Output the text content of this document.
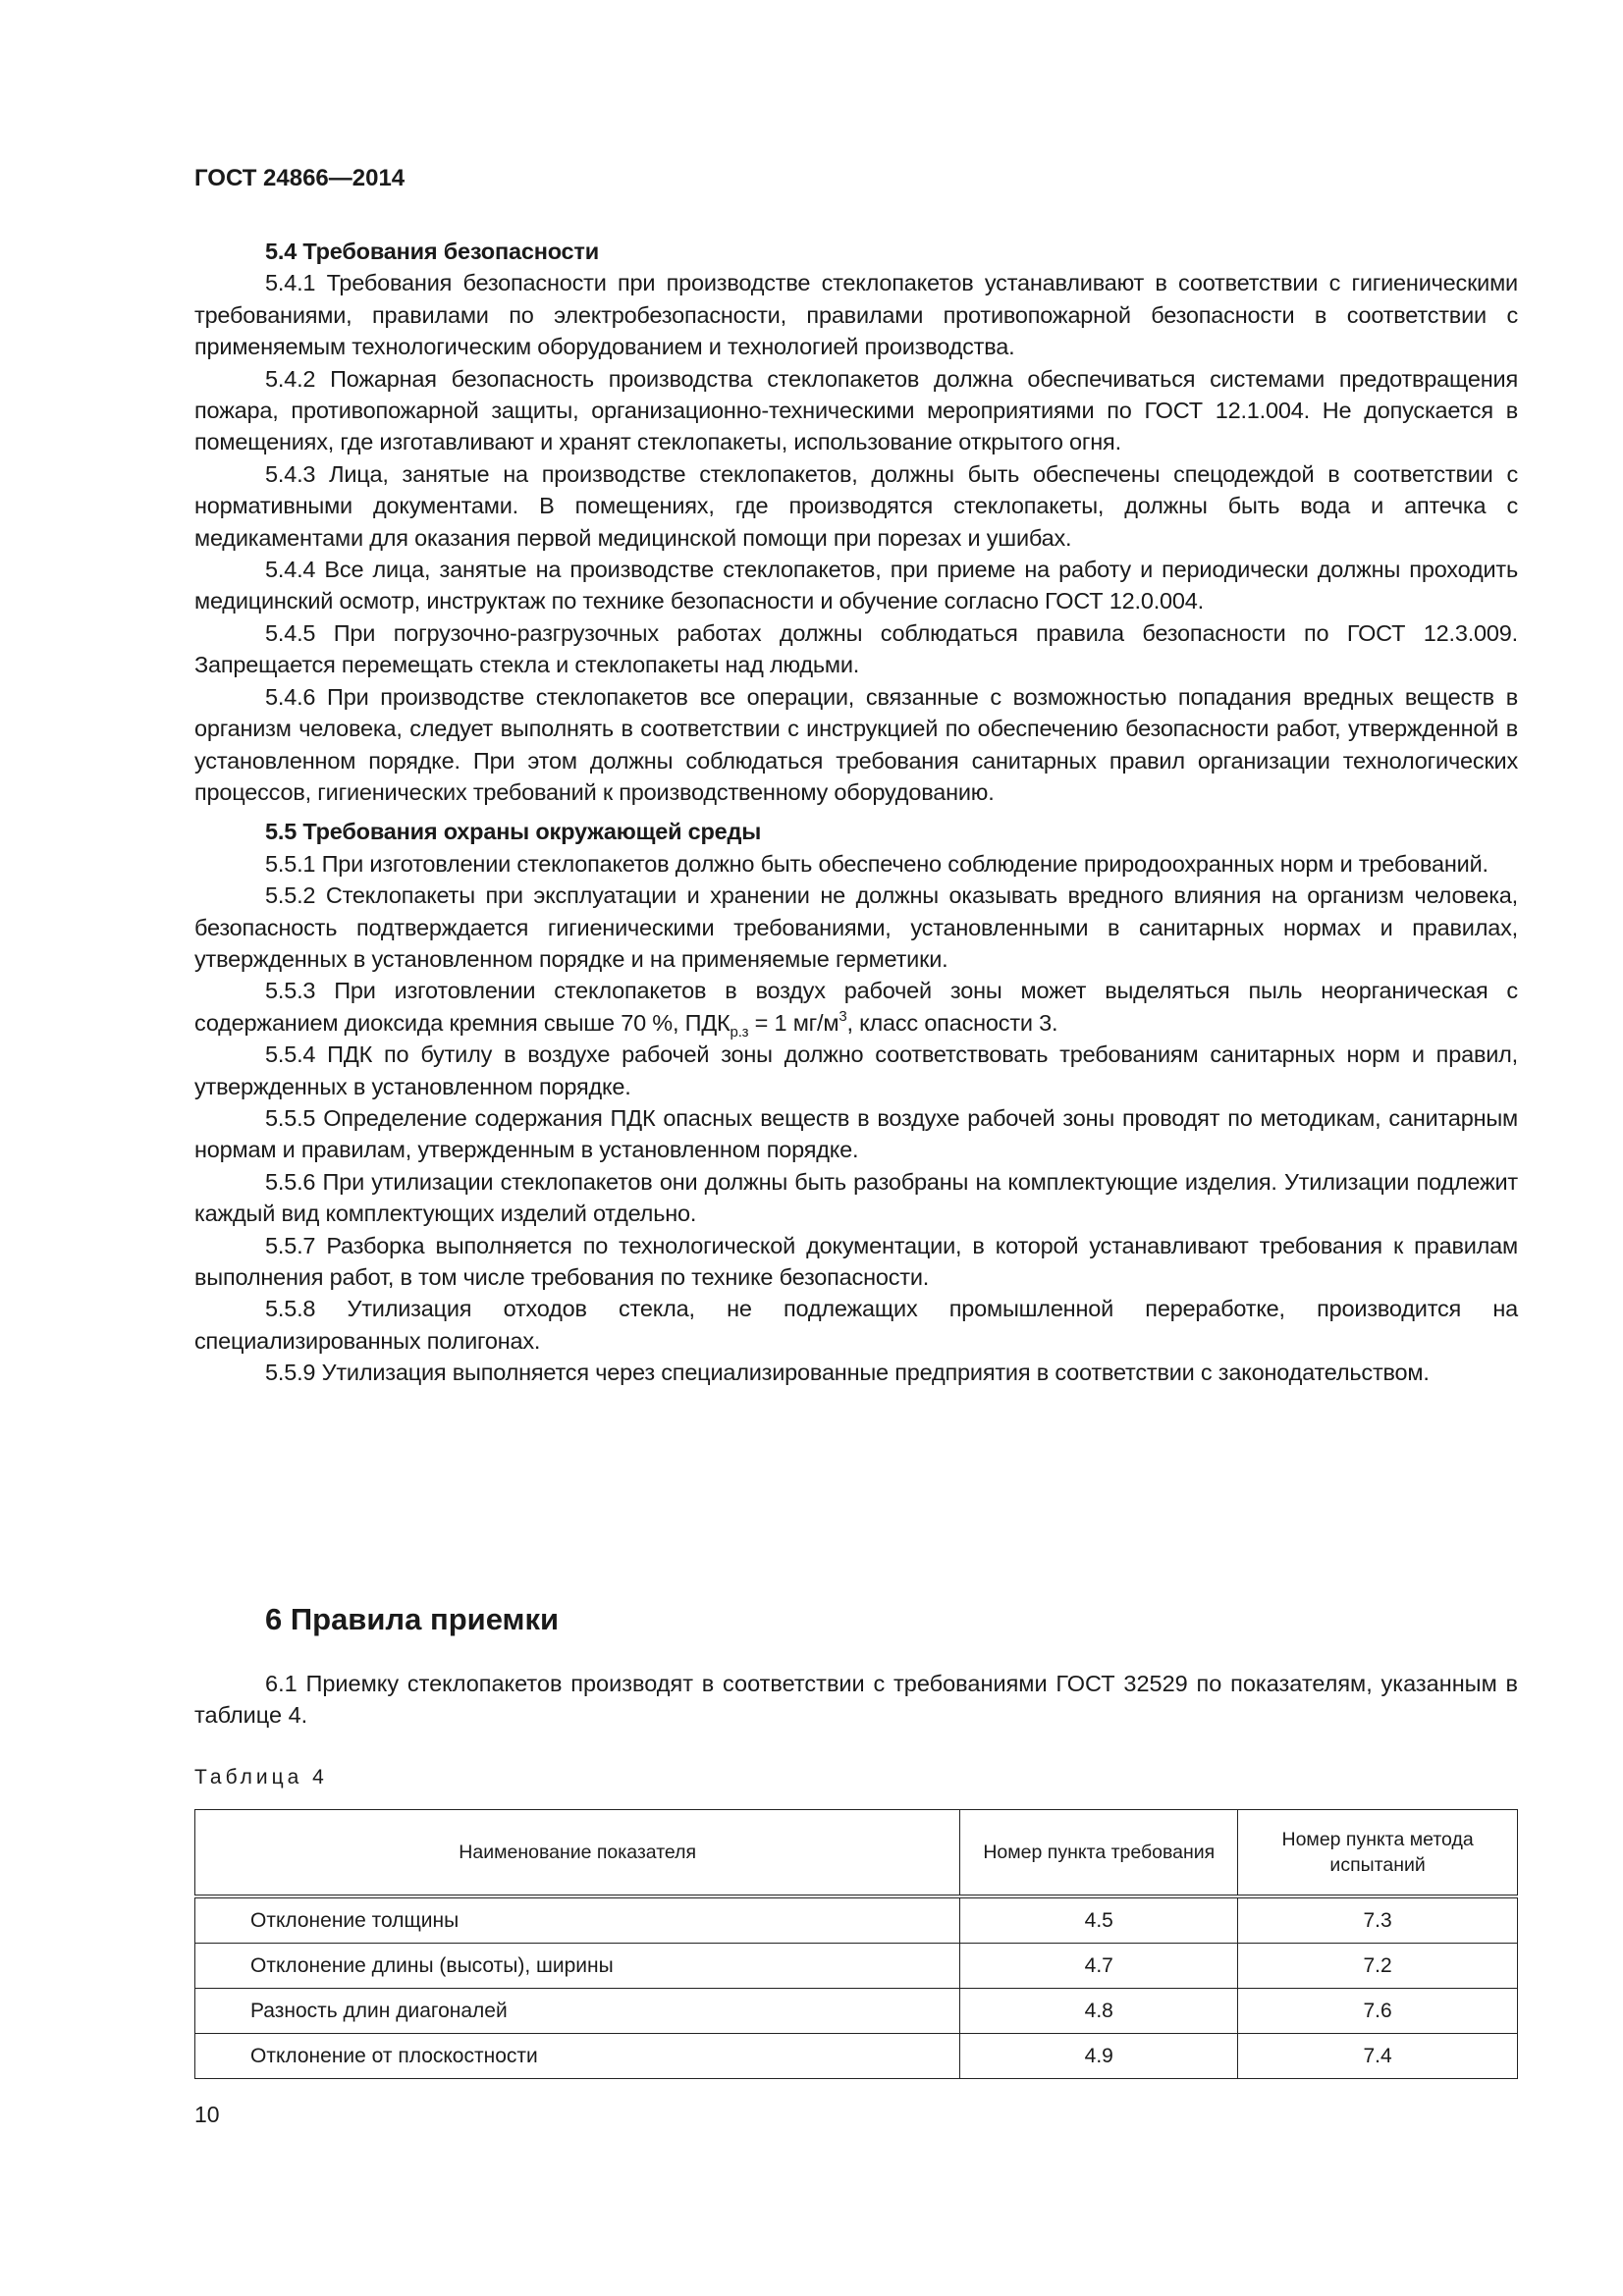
ГОСТ 24866—2014
5.4 Требования безопасности

5.4.1 Требования безопасности при производстве стеклопакетов устанавливают в соответствии с гигиеническими требованиями, правилами по электробезопасности, правилами противопожарной безопасности в соответствии с применяемым технологическим оборудованием и технологией производства.

5.4.2 Пожарная безопасность производства стеклопакетов должна обеспечиваться системами предотвращения пожара, противопожарной защиты, организационно-техническими мероприятиями по ГОСТ 12.1.004. Не допускается в помещениях, где изготавливают и хранят стеклопакеты, использование открытого огня.

5.4.3 Лица, занятые на производстве стеклопакетов, должны быть обеспечены спецодеждой в соответствии с нормативными документами. В помещениях, где производятся стеклопакеты, должны быть вода и аптечка с медикаментами для оказания первой медицинской помощи при порезах и ушибах.

5.4.4 Все лица, занятые на производстве стеклопакетов, при приеме на работу и периодически должны проходить медицинский осмотр, инструктаж по технике безопасности и обучение согласно ГОСТ 12.0.004.

5.4.5 При погрузочно-разгрузочных работах должны соблюдаться правила безопасности по ГОСТ 12.3.009. Запрещается перемещать стекла и стеклопакеты над людьми.

5.4.6 При производстве стеклопакетов все операции, связанные с возможностью попадания вредных веществ в организм человека, следует выполнять в соответствии с инструкцией по обеспечению безопасности работ, утвержденной в установленном порядке. При этом должны соблюдаться требования санитарных правил организации технологических процессов, гигиенических требований к производственному оборудованию.

5.5 Требования охраны окружающей среды

5.5.1 При изготовлении стеклопакетов должно быть обеспечено соблюдение природоохранных норм и требований.

5.5.2 Стеклопакеты при эксплуатации и хранении не должны оказывать вредного влияния на организм человека, безопасность подтверждается гигиеническими требованиями, установленными в санитарных нормах и правилах, утвержденных в установленном порядке и на применяемые герметики.

5.5.3 При изготовлении стеклопакетов в воздух рабочей зоны может выделяться пыль неорганическая с содержанием диоксида кремния свыше 70 %, $ПДК_{р.з} = 1$ $мг/м^3$, класс опасности 3.

5.5.4 ПДК по бутилу в воздухе рабочей зоны должно соответствовать требованиям санитарных норм и правил, утвержденных в установленном порядке.

5.5.5 Определение содержания ПДК опасных веществ в воздухе рабочей зоны проводят по методикам, санитарным нормам и правилам, утвержденным в установленном порядке.

5.5.6 При утилизации стеклопакетов они должны быть разобраны на комплектующие изделия. Утилизации подлежит каждый вид комплектующих изделий отдельно.

5.5.7 Разборка выполняется по технологической документации, в которой устанавливают требования к правилам выполнения работ, в том числе требования по технике безопасности.

5.5.8 Утилизация отходов стекла, не подлежащих промышленной переработке, производится на специализированных полигонах.

5.5.9 Утилизация выполняется через специализированные предприятия в соответствии с законодательством.

6 Правила приемки

6.1 Приемку стеклопакетов производят в соответствии с требованиями ГОСТ 32529 по показателям, указанным в таблице 4.

Таблица 4
Наименование показателя	Номер пункта требования	Номер пункта метода испытаний
Отклонение толщины	4.5	7.3
Отклонение длины (высоты), ширины	4.7	7.2
Разность длин диагоналей	4.8	7.6
Отклонение от плоскостности	4.9	7.4
10
